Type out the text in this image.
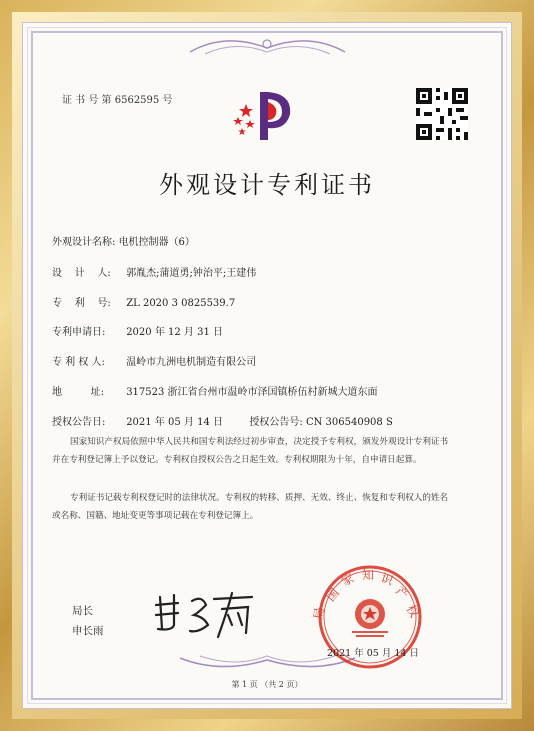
证 书 号 第 6562595 号
外观设计专利证书
外观设计名称: 电机控制器（6）
设    计    人: 郭胤杰;蒲道勇;钟治平;王建伟
专    利    号: ZL 2020 3 0825539.7
专利申请日: 2020 年 12 月 31 日
专 利 权 人: 温岭市九洲电机制造有限公司
地         址: 317523 浙江省台州市温岭市泽国镇桥伍村新城大道东面
授权公告日: 2021 年 05 月 14 日	授权公告号: CN 306540908 S
国家知识产权局依照中华人民共和国专利法经过初步审查，决定授予专利权，颁发外观设计专利证书并在专利登记簿上予以登记。专利权自授权公告之日起生效。专利权期限为十年，自申请日起算。
专利证书记载专利权登记时的法律状况。专利权的转移、质押、无效、终止、恢复和专利权人的姓名或名称、国籍、地址变更等事项记载在专利登记簿上。
局长
申长雨
国
家 知 识
产
权
局
2021 年 05 月 14 日
第 1 页 （共 2 页）
